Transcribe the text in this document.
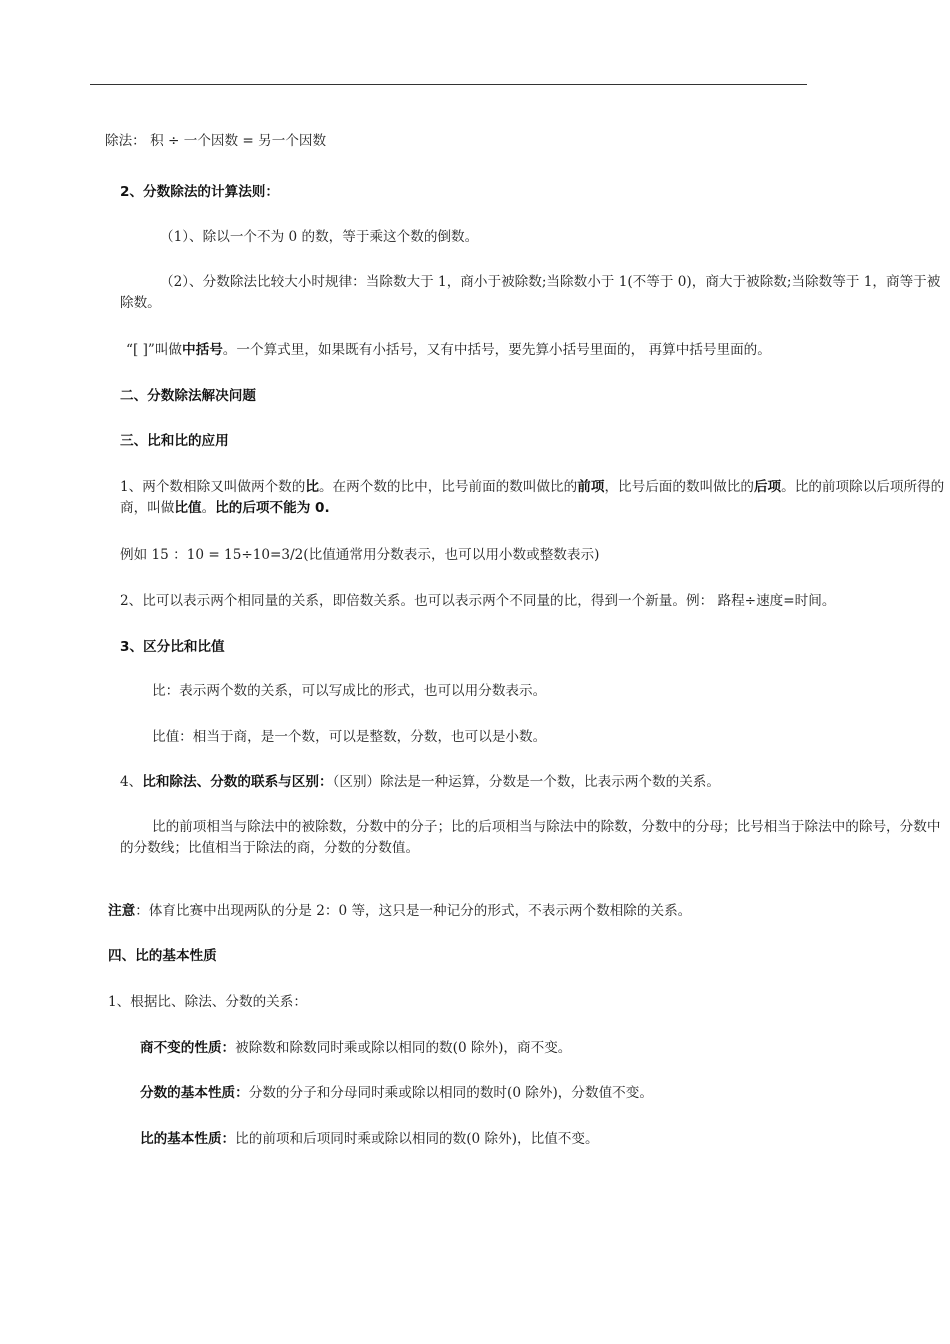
除法： 积 ÷ 一个因数 = 另一个因数
2、分数除法的计算法则：
（1）、除以一个不为 0 的数，等于乘这个数的倒数。
（2）、分数除法比较大小时规律：当除数大于 1，商小于被除数;当除数小于 1(不等于 0)，商大于被除数;当除数等于 1，商等于被除数。
“[ ]”叫做中括号。一个算式里，如果既有小括号，又有中括号，要先算小括号里面的， 再算中括号里面的。
二、分数除法解决问题
三、比和比的应用
1、两个数相除又叫做两个数的比。在两个数的比中，比号前面的数叫做比的前项，比号后面的数叫做比的后项。比的前项除以后项所得的商，叫做比值。比的后项不能为 0.
例如 15 ：10 = 15÷10=3/2(比值通常用分数表示，也可以用小数或整数表示)
2、比可以表示两个相同量的关系，即倍数关系。也可以表示两个不同量的比，得到一个新量。例： 路程÷速度=时间。
3、区分比和比值
比：表示两个数的关系，可以写成比的形式，也可以用分数表示。
比值：相当于商，是一个数，可以是整数，分数，也可以是小数。
4、比和除法、分数的联系与区别：（区别）除法是一种运算，分数是一个数，比表示两个数的关系。
比的前项相当与除法中的被除数，分数中的分子；比的后项相当与除法中的除数，分数中的分母；比号相当于除法中的除号，分数中的分数线；比值相当于除法的商，分数的分数值。
注意：体育比赛中出现两队的分是 2：0 等，这只是一种记分的形式，不表示两个数相除的关系。
四、比的基本性质
1、根据比、除法、分数的关系：
商不变的性质：被除数和除数同时乘或除以相同的数(0 除外)，商不变。
分数的基本性质：分数的分子和分母同时乘或除以相同的数时(0 除外)，分数值不变。
比的基本性质：比的前项和后项同时乘或除以相同的数(0 除外)，比值不变。
